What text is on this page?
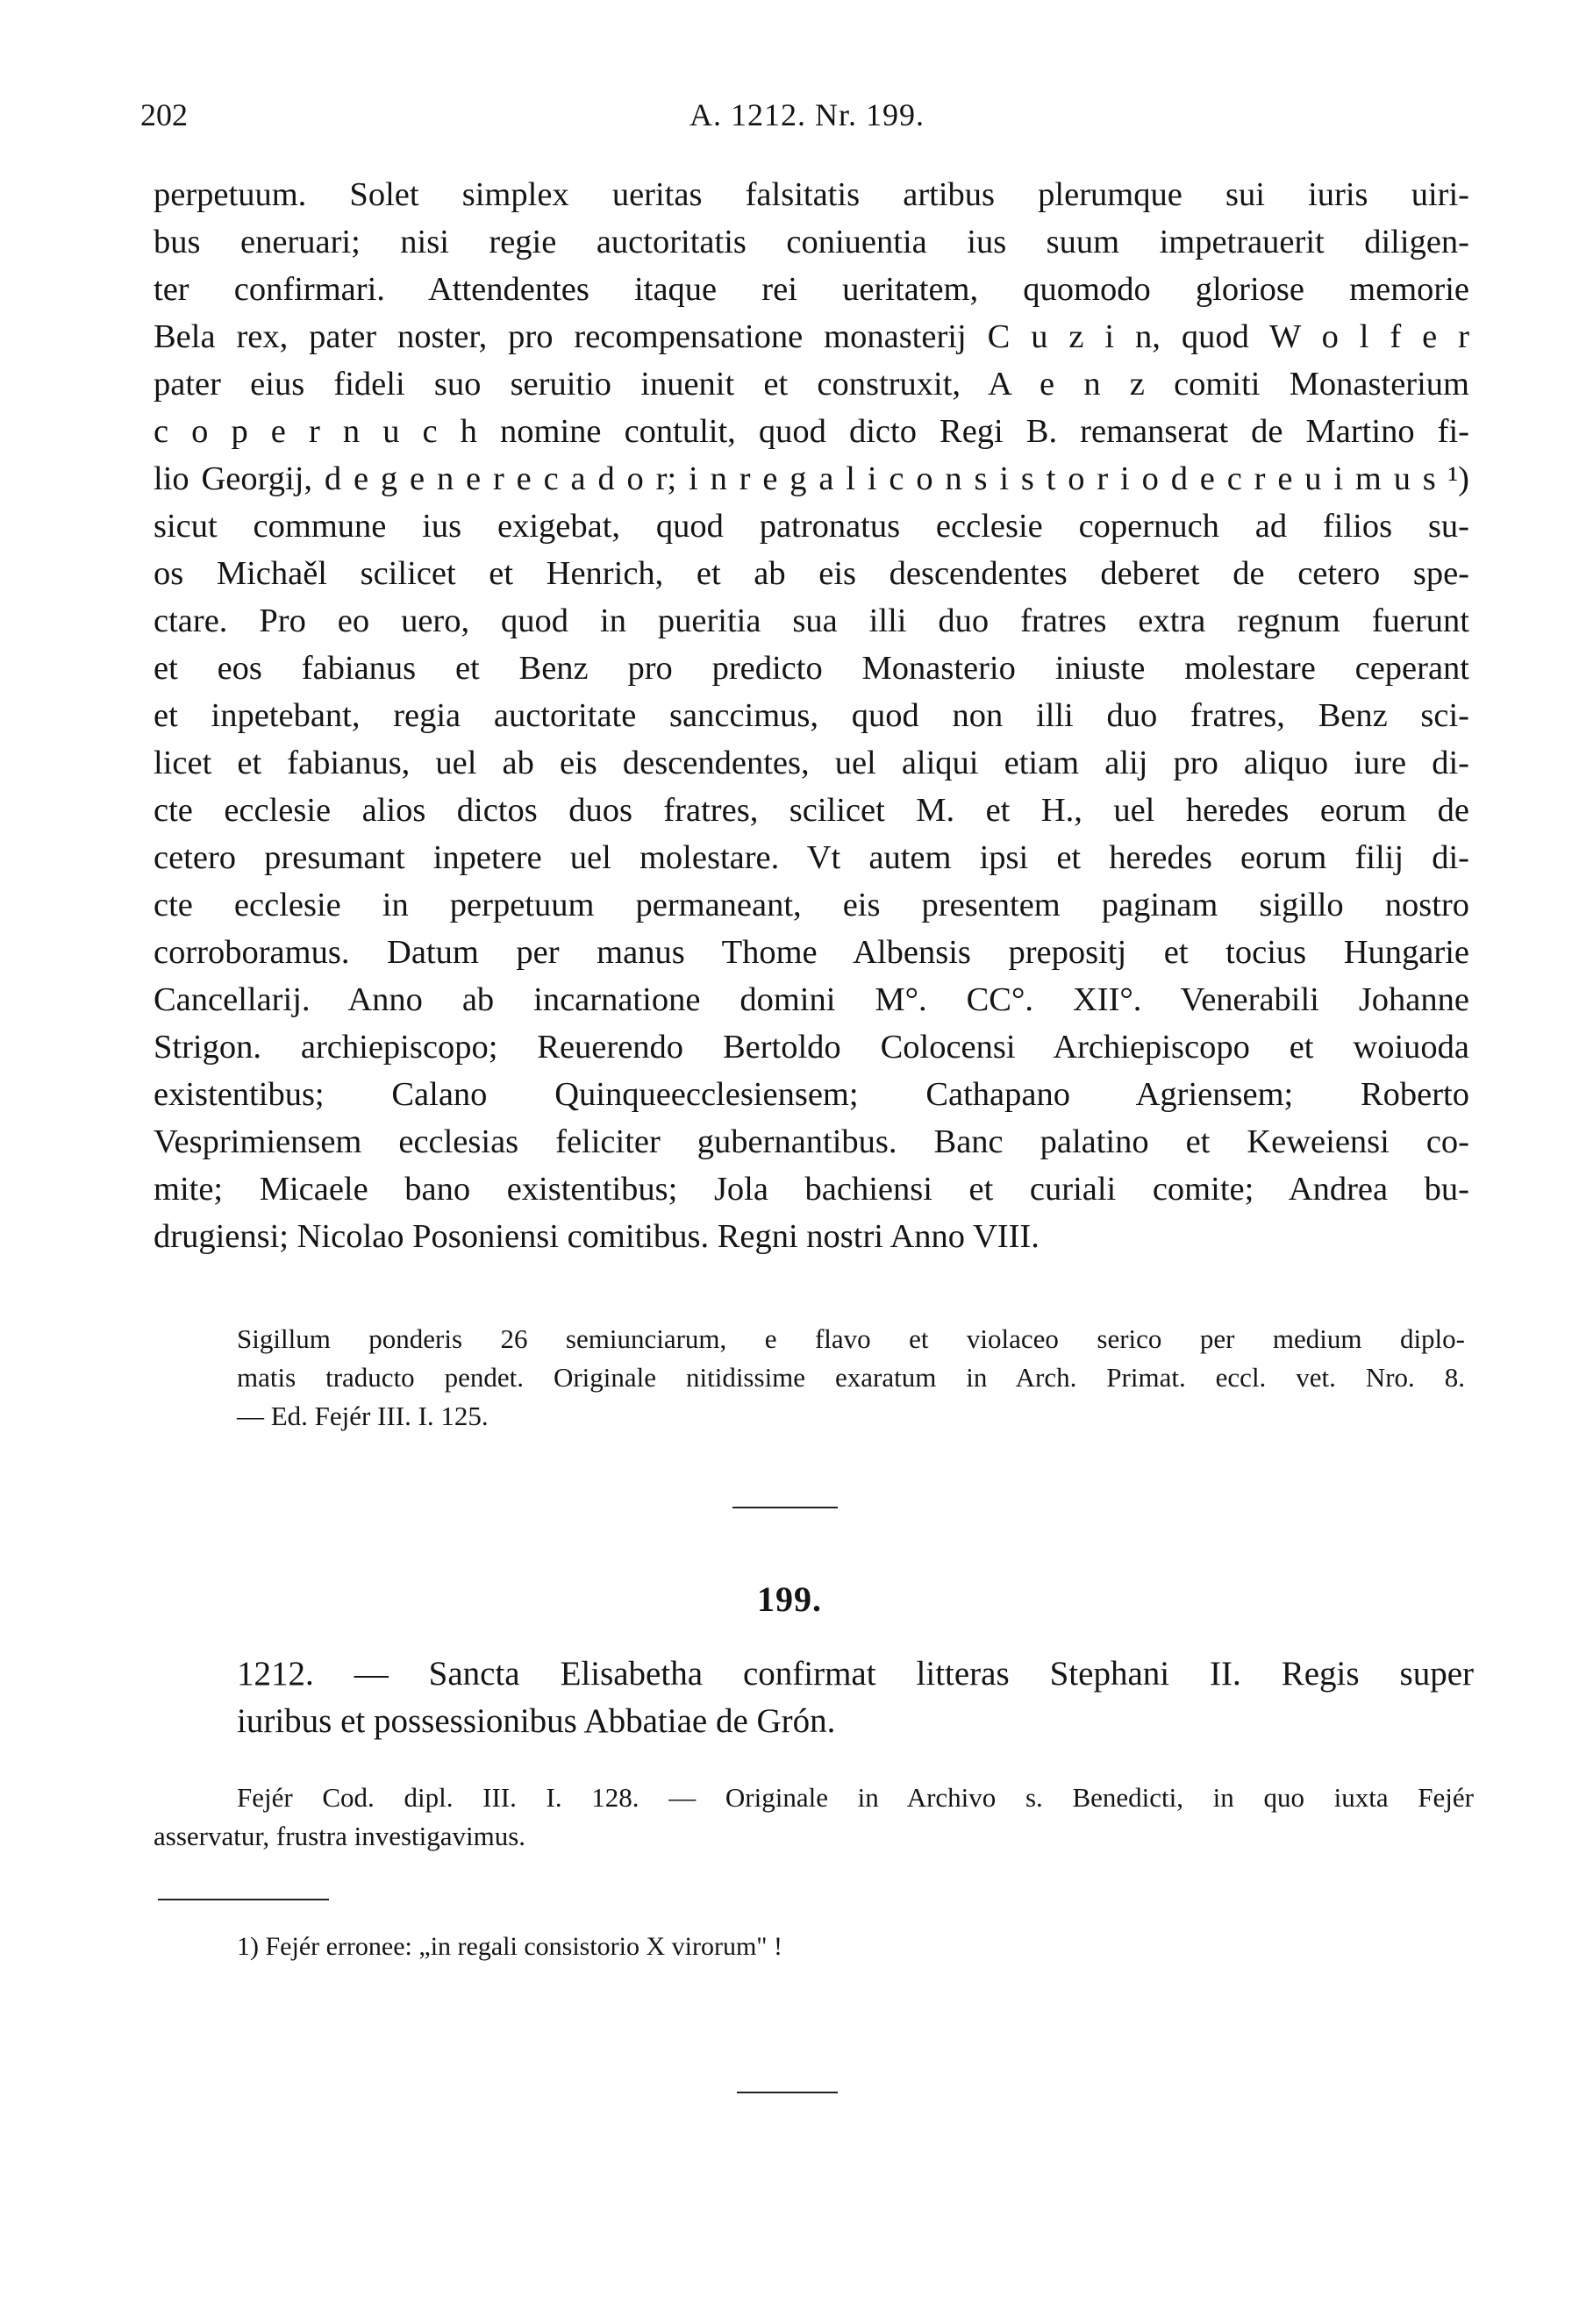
202	A. 1212. Nr. 199.
perpetuum. Solet simplex ueritas falsitatis artibus plerumque sui iuris uiri-
bus eneruari; nisi regie auctoritatis coniuentia ius suum impetrauerit diligen-
ter confirmari. Attendentes itaque rei ueritatem, quomodo gloriose memorie
Bela rex, pater noster, pro recompensatione monasterij C u z i n, quod W o l f e r
pater eius fideli suo seruitio inuenit et construxit, A e n z comiti Monasterium
c o p e r n u c h nomine contulit, quod dicto Regi B. remanserat de Martino fi-
lio Georgij, d e g e n e r e c a d o r; i n r e g a l i c o n s i s t o r i o d e c r e u i m u s ¹)
sicut commune ius exigebat, quod patronatus ecclesie copernuch ad filios su-
os Michaěl scilicet et Henrich, et ab eis descendentes deberet de cetero spe-
ctare. Pro eo uero, quod in pueritia sua illi duo fratres extra regnum fuerunt
et eos fabianus et Benz pro predicto Monasterio iniuste molestare ceperant
et inpetebant, regia auctoritate sanccimus, quod non illi duo fratres, Benz sci-
licet et fabianus, uel ab eis descendentes, uel aliqui etiam alij pro aliquo iure di-
cte ecclesie alios dictos duos fratres, scilicet M. et H., uel heredes eorum de
cetero presumant inpetere uel molestare. Vt autem ipsi et heredes eorum filij di-
cte ecclesie in perpetuum permaneant, eis presentem paginam sigillo nostro
corroboramus. Datum per manus Thome Albensis prepositj et tocius Hungarie
Cancellarij. Anno ab incarnatione domini M°. CC°. XII°. Venerabili Johanne
Strigon. archiepiscopo; Reuerendo Bertoldo Colocensi Archiepiscopo et woiuoda
existentibus; Calano Quinqueecclesiensem; Cathapano Agriensem; Roberto
Vesprimiensem ecclesias feliciter gubernantibus. Banc palatino et Keweiensi co-
mite; Micaele bano existentibus; Jola bachiensi et curiali comite; Andrea bu-
drugiensi; Nicolao Posoniensi comitibus. Regni nostri Anno VIII.
Sigillum ponderis 26 semiunciarum, e flavo et violaceo serico per medium diplo-
matis traducto pendet. Originale nitidissime exaratum in Arch. Primat. eccl. vet. Nro. 8.
— Ed. Fejér III. I. 125.
199.
1212. — Sancta Elisabetha confirmat litteras Stephani II. Regis super
iuribus et possessionibus Abbatiae de Grón.
Fejér Cod. dipl. III. I. 128. — Originale in Archivo s. Benedicti, in quo iuxta Fejér
asservatur, frustra investigavimus.
1) Fejér erronee: „in regali consistorio X virorum" !
